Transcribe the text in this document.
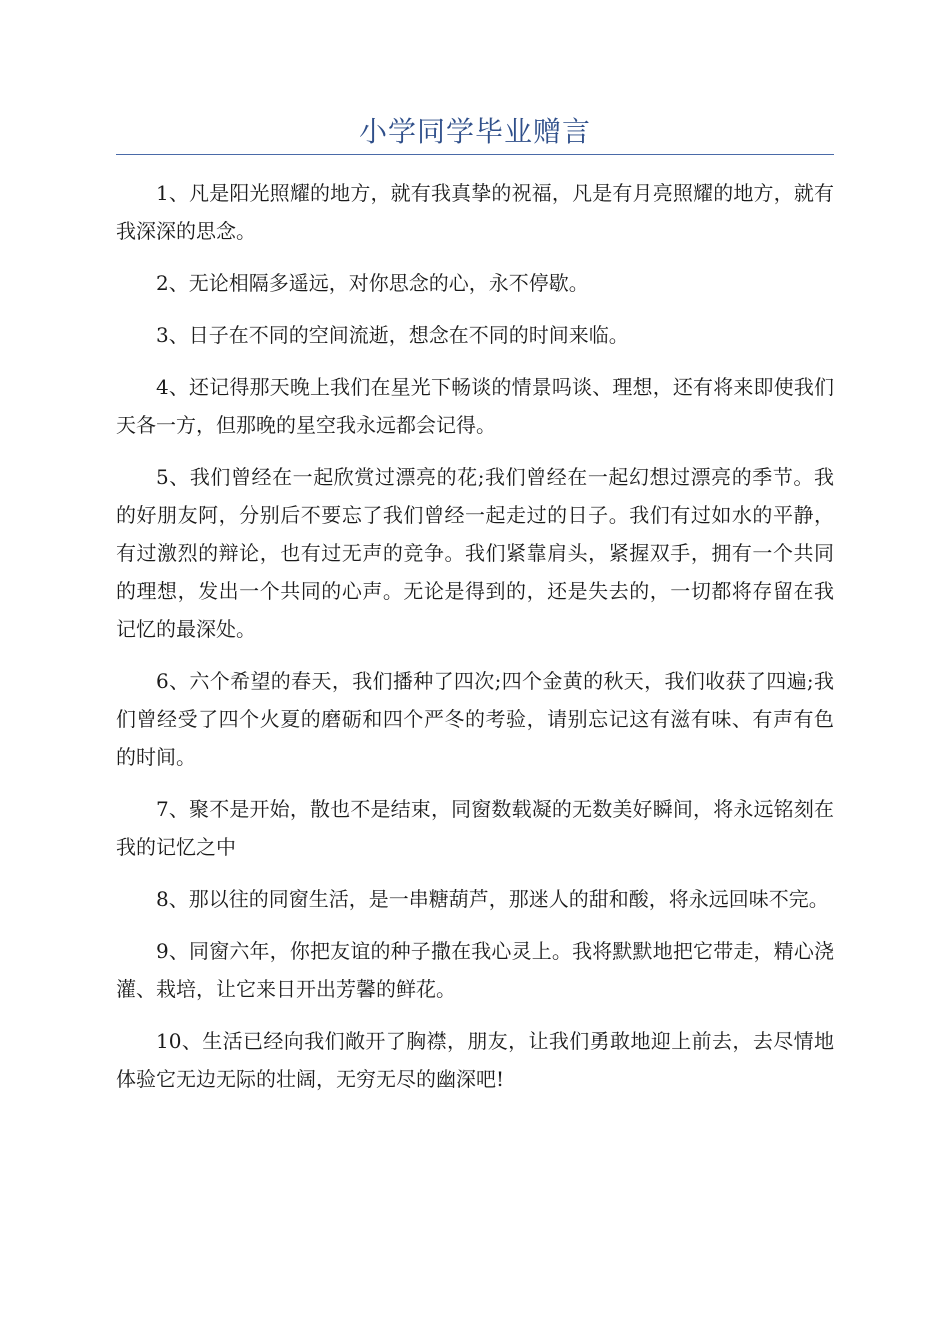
小学同学毕业赠言

1、凡是阳光照耀的地方，就有我真挚的祝福，凡是有月亮照耀的地方，就有我深深的思念。

2、无论相隔多遥远，对你思念的心，永不停歇。

3、日子在不同的空间流逝，想念在不同的时间来临。

4、还记得那天晚上我们在星光下畅谈的情景吗谈、理想，还有将来即使我们天各一方，但那晚的星空我永远都会记得。

5、我们曾经在一起欣赏过漂亮的花;我们曾经在一起幻想过漂亮的季节。我的好朋友阿，分别后不要忘了我们曾经一起走过的日子。我们有过如水的平静，有过激烈的辩论，也有过无声的竞争。我们紧靠肩头，紧握双手，拥有一个共同的理想，发出一个共同的心声。无论是得到的，还是失去的，一切都将存留在我记忆的最深处。

6、六个希望的春天，我们播种了四次;四个金黄的秋天，我们收获了四遍;我们曾经受了四个火夏的磨砺和四个严冬的考验，请别忘记这有滋有味、有声有色的时间。

7、聚不是开始，散也不是结束，同窗数载凝的无数美好瞬间，将永远铭刻在我的记忆之中

8、那以往的同窗生活，是一串糖葫芦，那迷人的甜和酸，将永远回味不完。

9、同窗六年，你把友谊的种子撒在我心灵上。我将默默地把它带走，精心浇灌、栽培，让它来日开出芳馨的鲜花。

10、生活已经向我们敞开了胸襟，朋友，让我们勇敢地迎上前去，去尽情地体验它无边无际的壮阔，无穷无尽的幽深吧!
